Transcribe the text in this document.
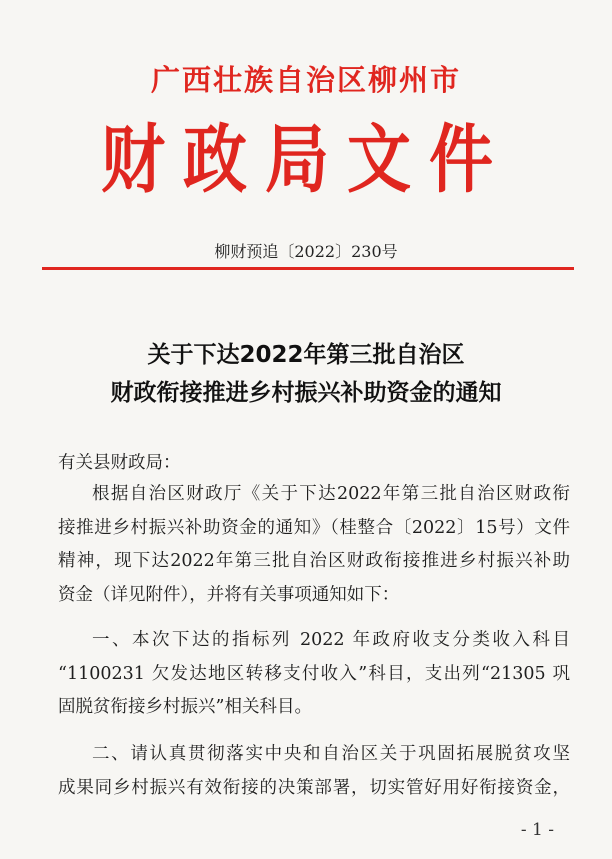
广西壮族自治区柳州市
财政局文件
柳财预追〔2022〕230号
关于下达2022年第三批自治区
财政衔接推进乡村振兴补助资金的通知
有关县财政局：
根据自治区财政厅《关于下达2022年第三批自治区财政衔
接推进乡村振兴补助资金的通知》（桂整合〔2022〕15号）文件
精神，现下达2022年第三批自治区财政衔接推进乡村振兴补助
资金（详见附件），并将有关事项通知如下：
一、本次下达的指标列 2022 年政府收支分类收入科目
“1100231 欠发达地区转移支付收入”科目，支出列“21305 巩
固脱贫衔接乡村振兴”相关科目。
二、请认真贯彻落实中央和自治区关于巩固拓展脱贫攻坚
成果同乡村振兴有效衔接的决策部署，切实管好用好衔接资金，
- 1 -
